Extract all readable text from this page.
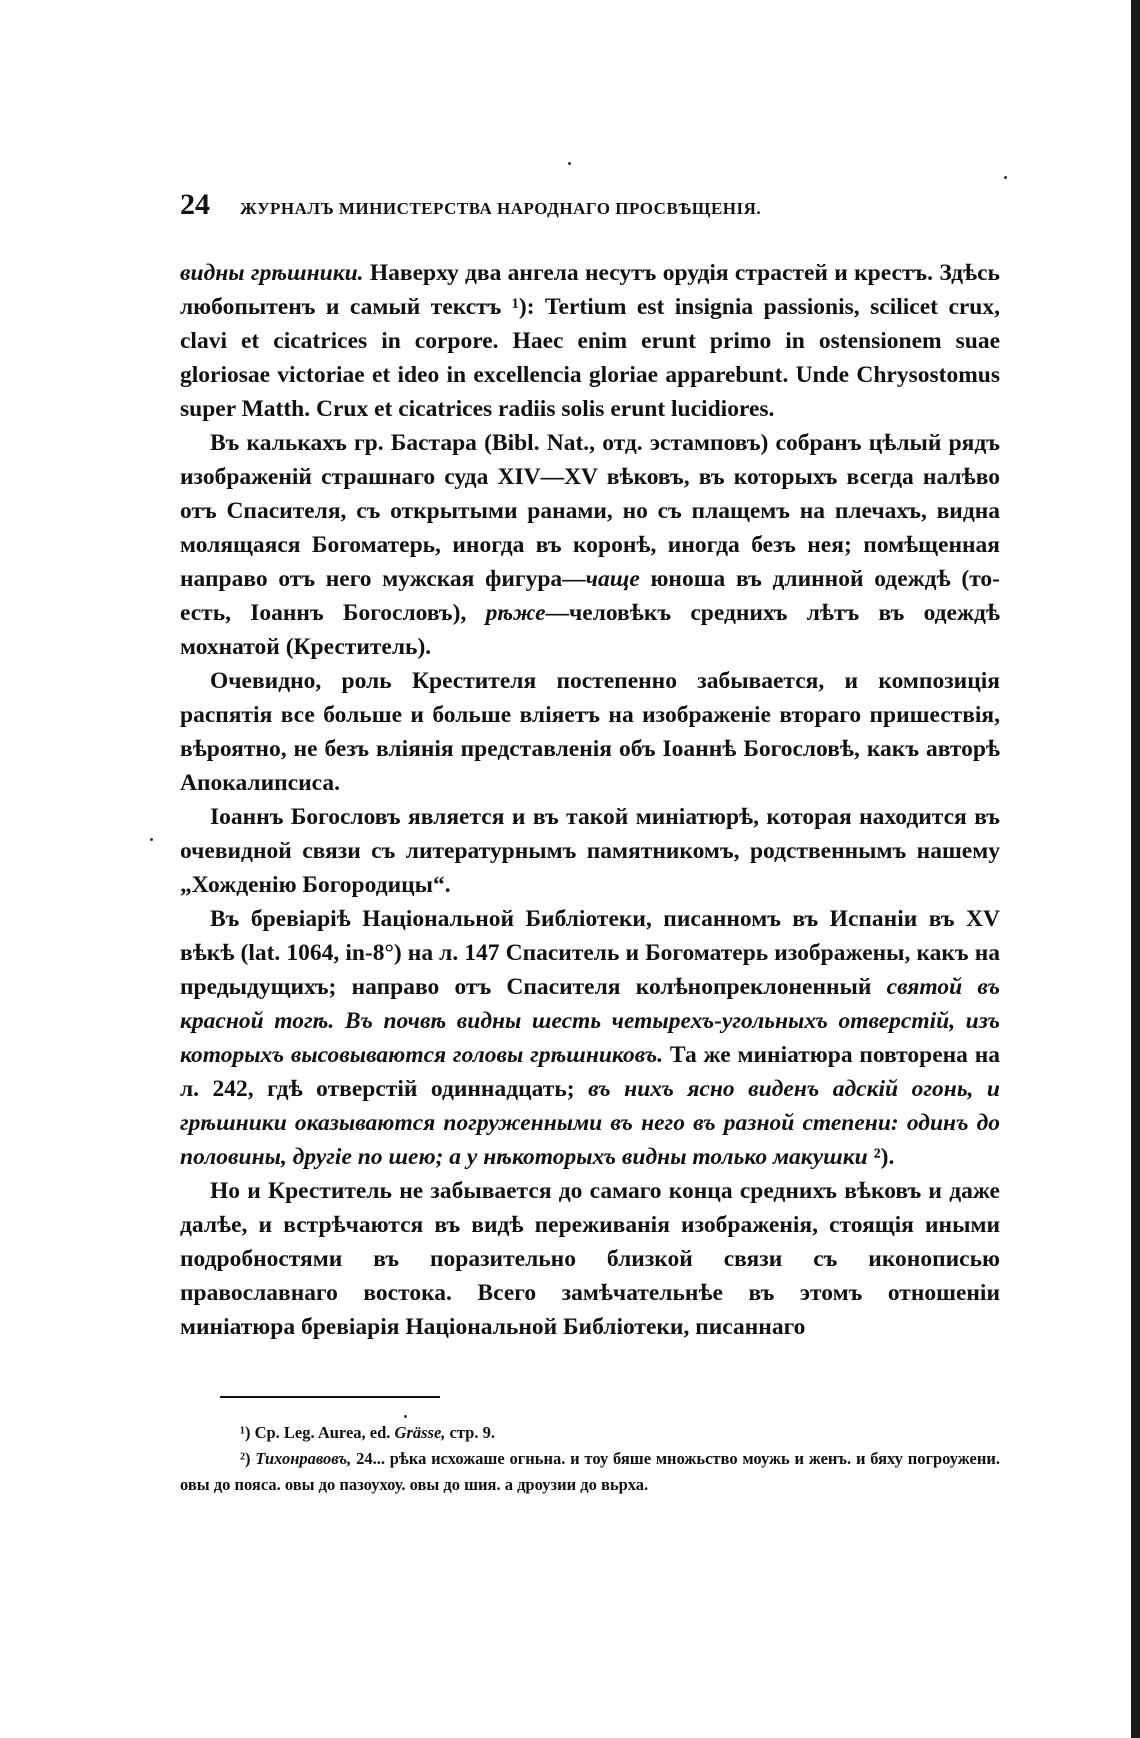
24	ЖУРНАЛЪ МИНИСТЕРСТВА НАРОДНАГО ПРОСВѢЩЕНІЯ.

видны грѣшники. Наверху два ангела несутъ орудія страстей и крестъ. Здѣсь любопытенъ и самый текстъ ¹): Tertium est insignia passionis, scilicet crux, clavi et cicatrices in corpore. Haec enim erunt primo in ostensionem suae gloriosae victoriae et ideo in excellencia gloriae apparebunt. Unde Chrysostomus super Matth. Crux et cicatrices radiis solis erunt lucidiores.

Въ калькахъ гр. Бастара (Bibl. Nat., отд. эстамповъ) собранъ цѣлый рядъ изображеній страшнаго суда XIV—XV вѣковъ, въ которыхъ всегда налѣво отъ Спасителя, съ открытыми ранами, но съ плащемъ на плечахъ, видна молящаяся Богоматерь, иногда въ коронѣ, иногда безъ нея; помѣщенная направо отъ него мужская фигура—чаще юноша въ длинной одеждѣ (то-есть, Іоаннъ Богословъ), рѣже—человѣкъ среднихъ лѣтъ въ одеждѣ мохнатой (Креститель).

Очевидно, роль Крестителя постепенно забывается, и композиція распятія все больше и больше вліяетъ на изображеніе втораго пришествія, вѣроятно, не безъ вліянія представленія объ Іоаннѣ Богословѣ, какъ авторѣ Апокалипсиса.

Іоаннъ Богословъ является и въ такой миніатюрѣ, которая находится въ очевидной связи съ литературнымъ памятникомъ, родственнымъ нашему „Хожденію Богородицы“.

Въ бревіаріѣ Національной Библіотеки, писанномъ въ Испаніи въ XV вѣкѣ (lat. 1064, in-8°) на л. 147 Спаситель и Богоматерь изображены, какъ на предыдущихъ; направо отъ Спасителя колѣнопреклоненный святой въ красной тогѣ. Въ почвѣ видны шесть четырехъ-угольныхъ отверстій, изъ которыхъ высовываются головы грѣшниковъ. Та же миніатюра повторена на л. 242, гдѣ отверстій одиннадцать; въ нихъ ясно виденъ адскій огонь, и грѣшники оказываются погруженными въ него въ разной степени: одинъ до половины, другіе по шею; а у нѣкоторыхъ видны только макушки ²).

Но и Креститель не забывается до самаго конца среднихъ вѣковъ и даже далѣе, и встрѣчаются въ видѣ переживанія изображенія, стоящія иными подробностями въ поразительно близкой связи съ иконописью православнаго востока. Всего замѣчательнѣе въ этомъ отношеніи миніатюра бревіарія Національной Библіотеки, писаннаго

¹) Cp. Leg. Aurea, ed. Grässe, стр. 9.

²) Тихонравовъ, 24... рѣка исхожаше огньна. и тоу бяше множьство моужь и женъ. и бяху погроужени. овы до пояса. овы до пазоухоу. овы до шия. а дроузии до вьрха.
